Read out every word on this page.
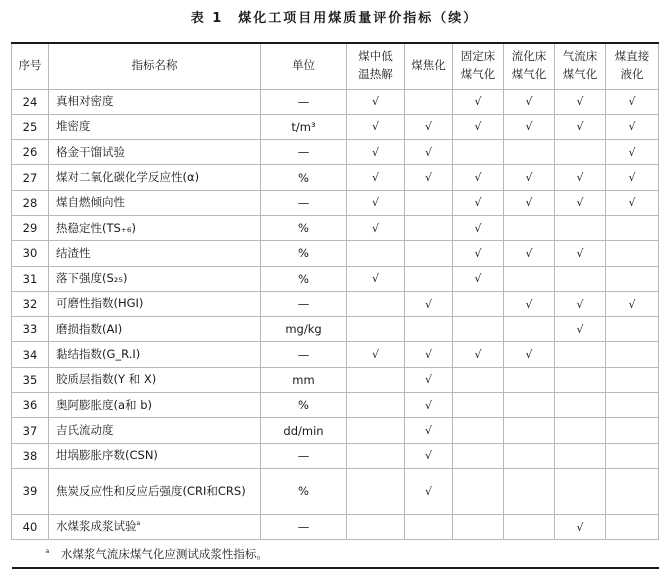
表 1　煤化工项目用煤质量评价指标（续）
序号	指标名称	单位	煤中低温热解	煤焦化	固定床煤气化	流化床煤气化	气流床煤气化	煤直接液化
24	真相对密度	—	√		√	√	√	√
25	堆密度	t/m³	√	√	√	√	√	√
26	格金干馏试验	—	√	√				√
27	煤对二氧化碳化学反应性(α)	%	√	√	√	√	√	√
28	煤自燃倾向性	—	√		√	√	√	√
29	热稳定性(TS₊₆)	%	√		√			
30	结渣性	%			√	√	√	
31	落下强度(S₂₅)	%	√		√			
32	可磨性指数(HGI)	—		√		√	√	√
33	磨损指数(AI)	mg/kg					√	
34	黏结指数(G_R.I)	—	√	√	√	√		
35	胶质层指数(Y 和 X)	mm		√				
36	奥阿膨胀度(a和 b)	%		√				
37	吉氏流动度	dd/min		√				
38	坩埚膨胀序数(CSN)	—		√				
39	焦炭反应性和反应后强度(CRI和CRS)	%		√				
40	水煤浆成浆试验$^a$	—					√	
$^a$ 水煤浆气流床煤气化应测试成浆性指标。								
